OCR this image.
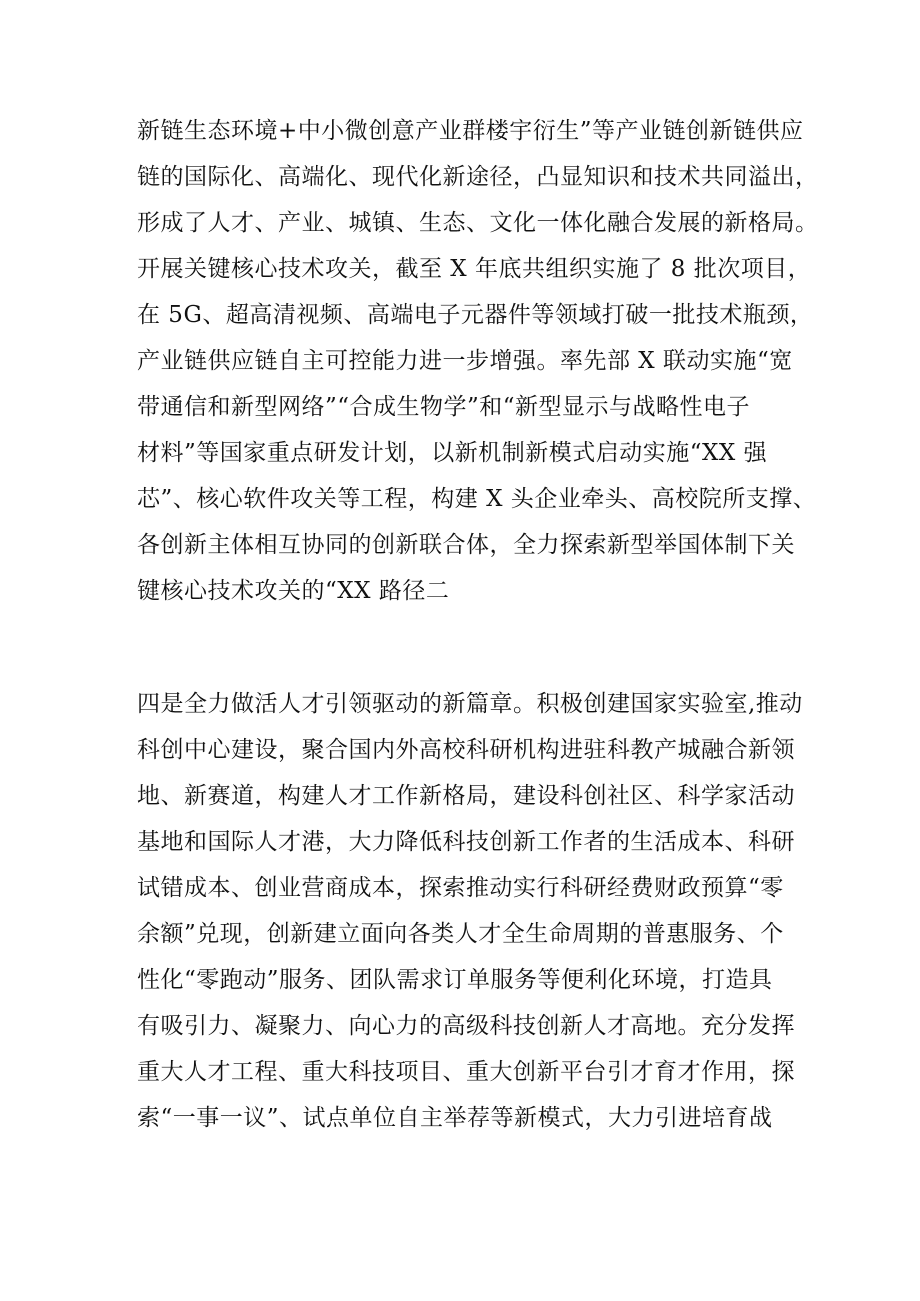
新链生态环境+中小微创意产业群楼宇衍生”等产业链创新链供应
链的国际化、高端化、现代化新途径，凸显知识和技术共同溢出，
形成了人才、产业、城镇、生态、文化一体化融合发展的新格局。
开展关键核心技术攻关，截至 X 年底共组织实施了 8 批次项目，
在 5G、超高清视频、高端电子元器件等领域打破一批技术瓶颈，
产业链供应链自主可控能力进一步增强。率先部 X 联动实施“宽
带通信和新型网络”“合成生物学”和“新型显示与战略性电子
材料”等国家重点研发计划，以新机制新模式启动实施“XX 强
芯”、核心软件攻关等工程，构建 X 头企业牵头、高校院所支撑、
各创新主体相互协同的创新联合体，全力探索新型举国体制下关
键核心技术攻关的“XX 路径二
四是全力做活人才引领驱动的新篇章。积极创建国家实验室,推动
科创中心建设，聚合国内外高校科研机构进驻科教产城融合新领
地、新赛道，构建人才工作新格局，建设科创社区、科学家活动
基地和国际人才港，大力降低科技创新工作者的生活成本、科研
试错成本、创业营商成本，探索推动实行科研经费财政预算“零
余额”兑现，创新建立面向各类人才全生命周期的普惠服务、个
性化“零跑动”服务、团队需求订单服务等便利化环境，打造具
有吸引力、凝聚力、向心力的高级科技创新人才高地。充分发挥
重大人才工程、重大科技项目、重大创新平台引才育才作用，探
索“一事一议”、试点单位自主举荐等新模式，大力引进培育战
